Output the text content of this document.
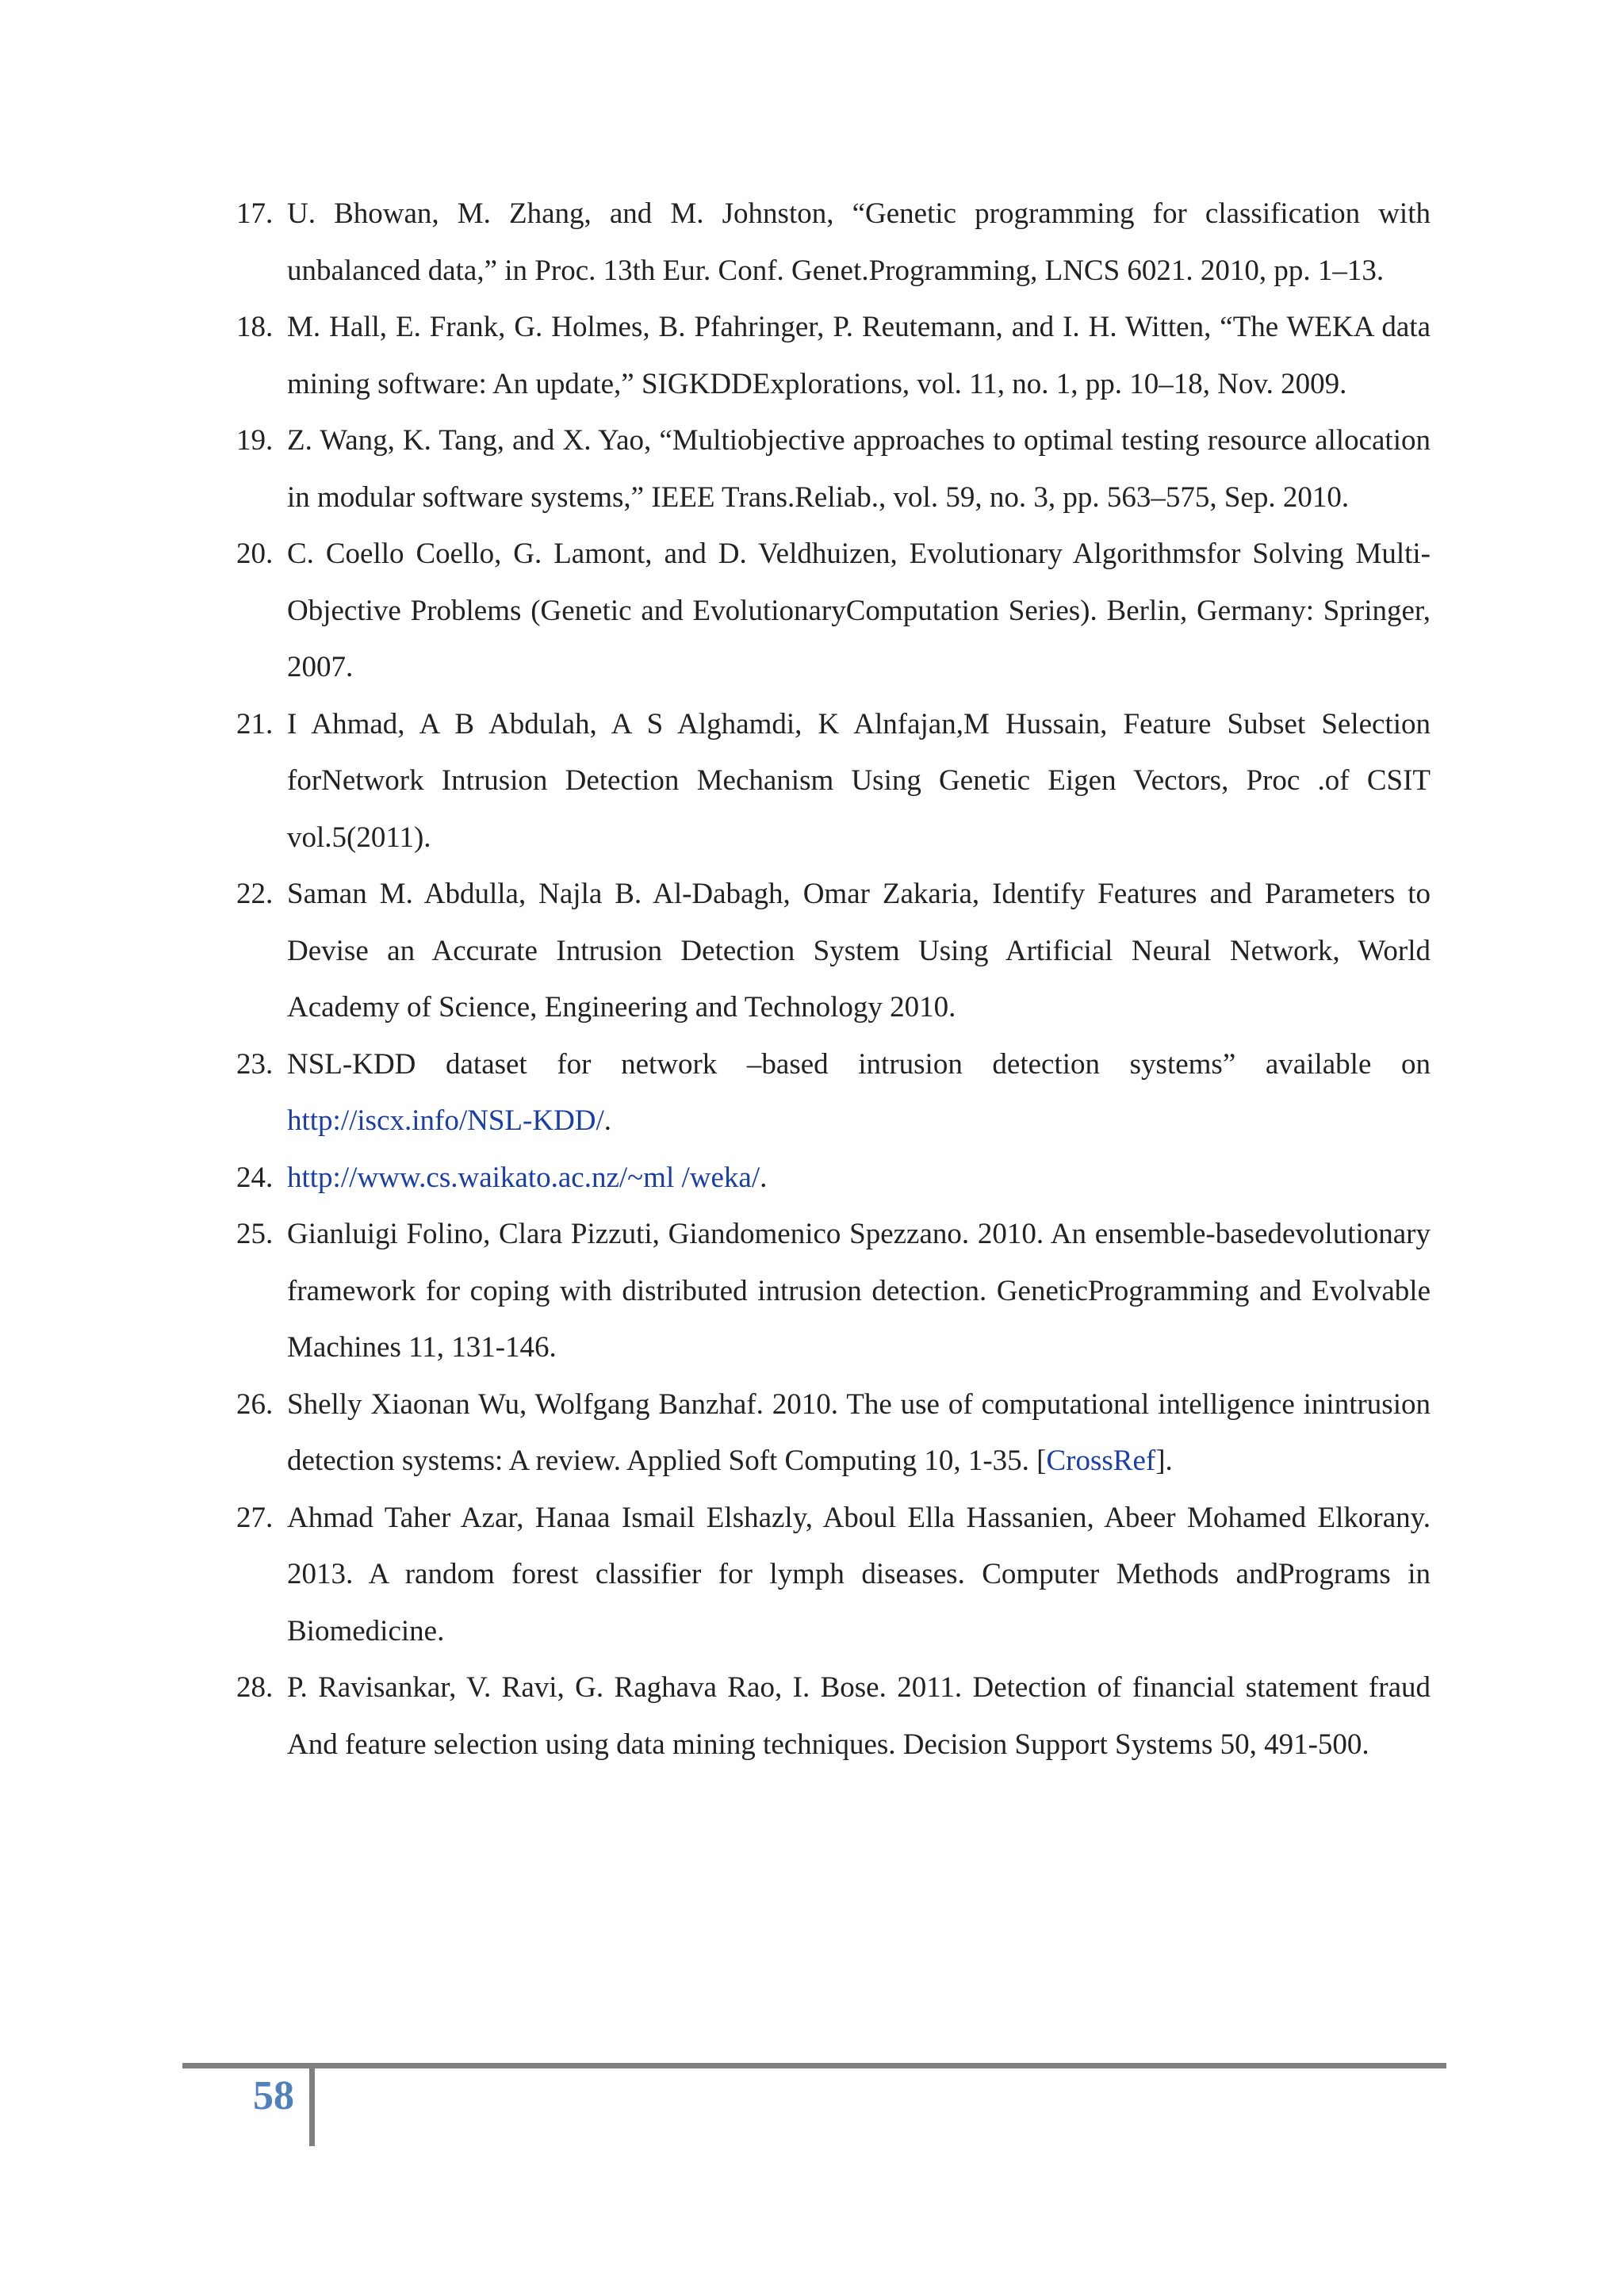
17. U. Bhowan, M. Zhang, and M. Johnston, “Genetic programming for classification with unbalanced data,” in Proc. 13th Eur. Conf. Genet.Programming, LNCS 6021. 2010, pp. 1–13.
18. M. Hall, E. Frank, G. Holmes, B. Pfahringer, P. Reutemann, and I. H. Witten, “The WEKA data mining software: An update,” SIGKDDExplorations, vol. 11, no. 1, pp. 10–18, Nov. 2009.
19. Z. Wang, K. Tang, and X. Yao, “Multiobjective approaches to optimal testing resource allocation in modular software systems,” IEEE Trans.Reliab., vol. 59, no. 3, pp. 563–575, Sep. 2010.
20. C. Coello Coello, G. Lamont, and D. Veldhuizen, Evolutionary Algorithmsfor Solving Multi-Objective Problems (Genetic and EvolutionaryComputation Series). Berlin, Germany: Springer, 2007.
21. I Ahmad, A B Abdulah, A S Alghamdi, K Alnfajan,M Hussain, Feature Subset Selection forNetwork Intrusion Detection Mechanism Using Genetic Eigen Vectors, Proc .of CSIT vol.5(2011).
22. Saman M. Abdulla, Najla B. Al-Dabagh, Omar Zakaria, Identify Features and Parameters to Devise an Accurate Intrusion Detection System Using Artificial Neural Network, World Academy of Science, Engineering and Technology 2010.
23. NSL-KDD dataset for network –based intrusion detection systems” available on http://iscx.info/NSL-KDD/.
24. http://www.cs.waikato.ac.nz/~ml /weka/.
25. Gianluigi Folino, Clara Pizzuti, Giandomenico Spezzano. 2010. An ensemble-basedevolutionary framework for coping with distributed intrusion detection. GeneticProgramming and Evolvable Machines 11, 131-146.
26. Shelly Xiaonan Wu, Wolfgang Banzhaf. 2010. The use of computational intelligence inintrusion detection systems: A review. Applied Soft Computing 10, 1-35. [CrossRef].
27. Ahmad Taher Azar, Hanaa Ismail Elshazly, Aboul Ella Hassanien, Abeer Mohamed Elkorany. 2013. A random forest classifier for lymph diseases. Computer Methods andPrograms in Biomedicine.
28. P. Ravisankar, V. Ravi, G. Raghava Rao, I. Bose. 2011. Detection of financial statement fraud And feature selection using data mining techniques. Decision Support Systems 50, 491-500.
58
